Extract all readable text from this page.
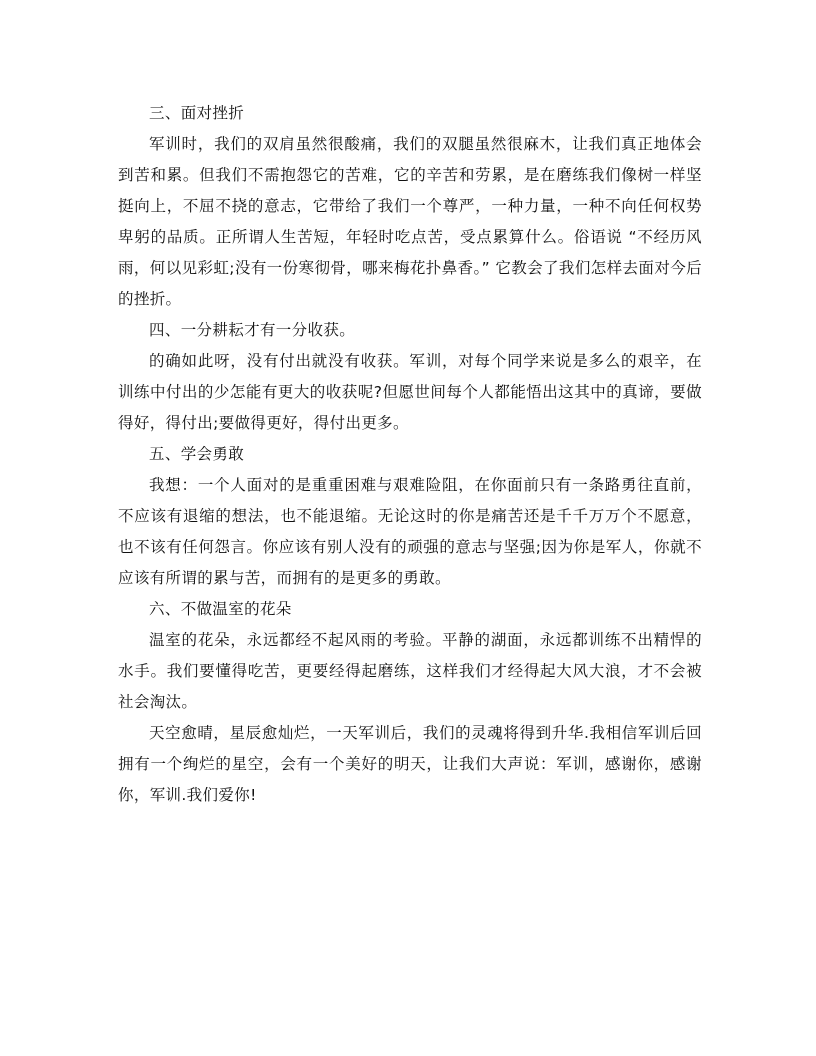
三、面对挫折

军训时，我们的双肩虽然很酸痛，我们的双腿虽然很麻木，让我们真正地体会到苦和累。但我们不需抱怨它的苦难，它的辛苦和劳累，是在磨练我们像树一样坚挺向上，不屈不挠的意志，它带给了我们一个尊严，一种力量，一种不向任何权势卑躬的品质。正所谓人生苦短，年轻时吃点苦，受点累算什么。俗语说 “不经历风雨，何以见彩虹;没有一份寒彻骨，哪来梅花扑鼻香。” 它教会了我们怎样去面对今后的挫折。

四、一分耕耘才有一分收获。

的确如此呀，没有付出就没有收获。军训，对每个同学来说是多么的艰辛，在训练中付出的少怎能有更大的收获呢?但愿世间每个人都能悟出这其中的真谛，要做得好，得付出;要做得更好，得付出更多。

五、学会勇敢

我想：一个人面对的是重重困难与艰难险阻，在你面前只有一条路勇往直前，不应该有退缩的想法，也不能退缩。无论这时的你是痛苦还是千千万万个不愿意，也不该有任何怨言。你应该有别人没有的顽强的意志与坚强;因为你是军人，你就不应该有所谓的累与苦，而拥有的是更多的勇敢。

六、不做温室的花朵

温室的花朵，永远都经不起风雨的考验。平静的湖面，永远都训练不出精悍的水手。我们要懂得吃苦，更要经得起磨练，这样我们才经得起大风大浪，才不会被社会淘汰。

天空愈晴，星辰愈灿烂，一天军训后，我们的灵魂将得到升华.我相信军训后回拥有一个绚烂的星空，会有一个美好的明天，让我们大声说：军训，感谢你，感谢你，军训.我们爱你!
